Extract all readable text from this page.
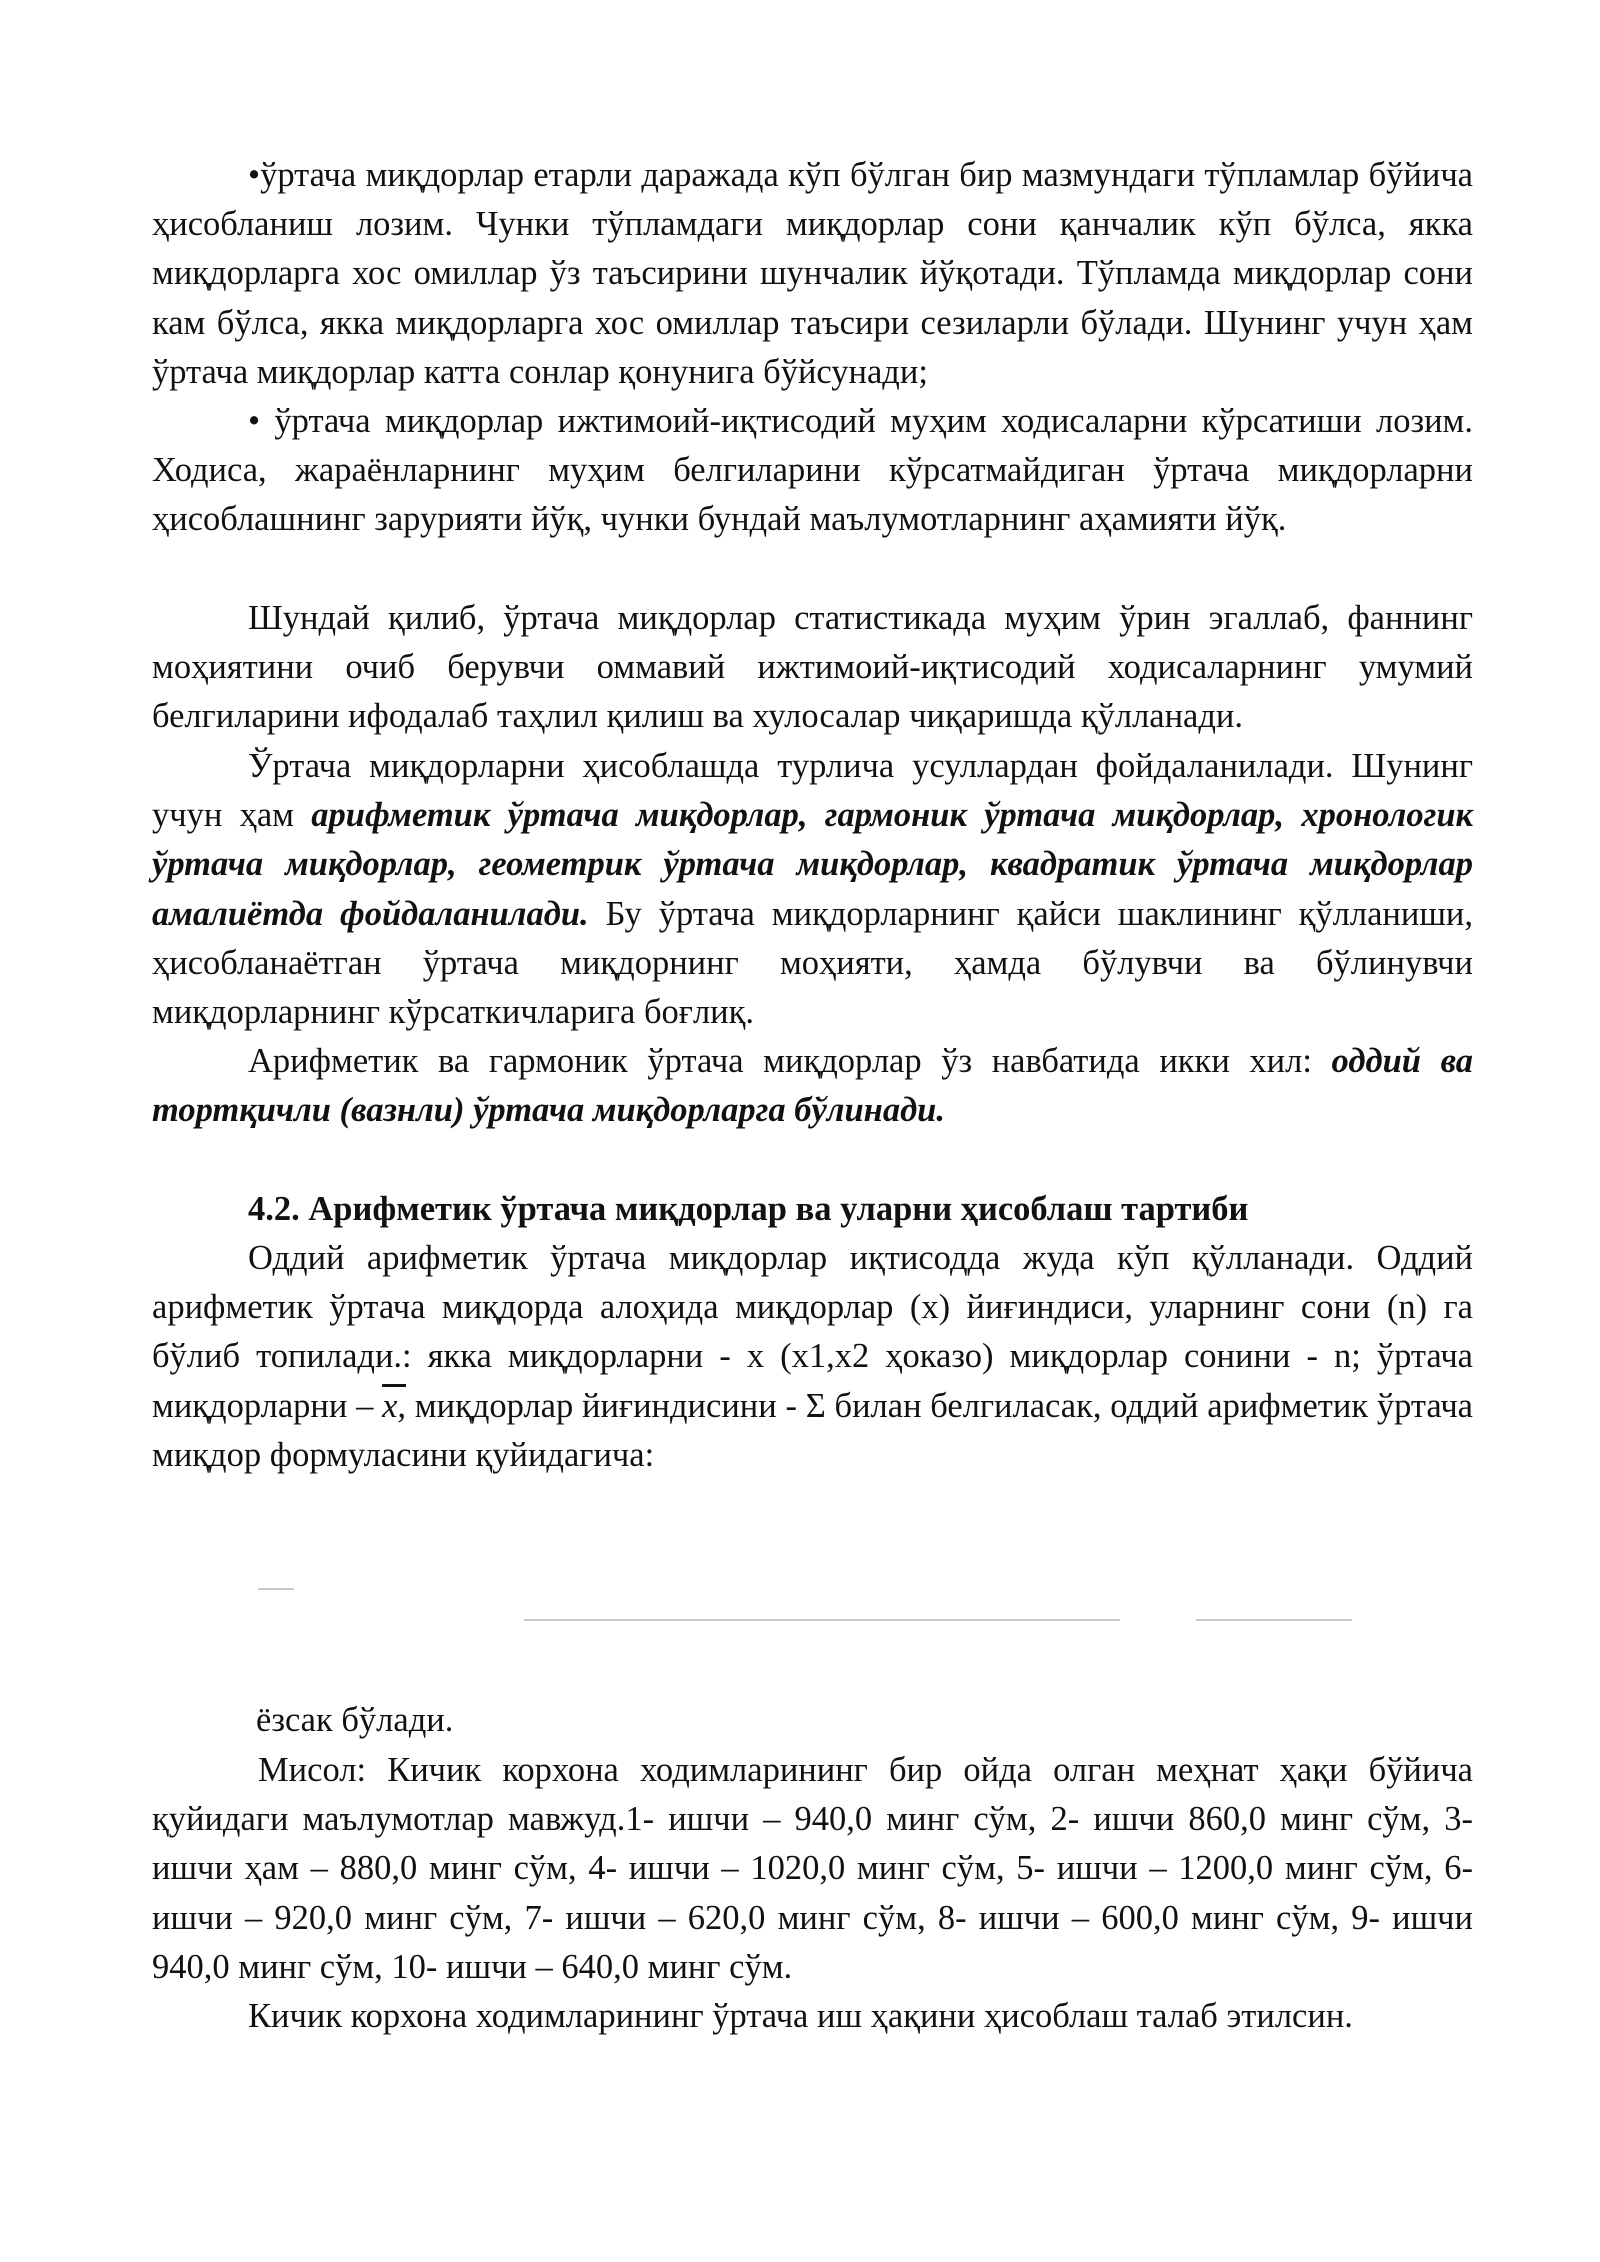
•ўртача миқдорлар етарли даражада кўп бўлган бир мазмундаги тўпламлар бўйича ҳисобланиш лозим. Чунки тўпламдаги миқдорлар сони қанчалик кўп бўлса, якка миқдорларга хос омиллар ўз таъсирини шунчалик йўқотади. Тўпламда миқдорлар сони кам бўлса, якка миқдорларга хос омиллар таъсири сезиларли бўлади. Шунинг учун ҳам ўртача миқдорлар катта сонлар қонунига бўйсунади;

• ўртача миқдорлар ижтимоий-иқтисодий муҳим ходисаларни кўрсатиши лозим. Ходиса, жараёнларнинг муҳим белгиларини кўрсатмайдиган ўртача миқдорларни ҳисоблашнинг зарурияти йўқ, чунки бундай маълумотларнинг аҳамияти йўқ.

Шундай қилиб, ўртача миқдорлар статистикада муҳим ўрин эгаллаб, фаннинг моҳиятини очиб берувчи оммавий ижтимоий-иқтисодий ходисаларнинг умумий белгиларини ифодалаб таҳлил қилиш ва хулосалар чиқаришда қўлланади.

Ўртача миқдорларни ҳисоблашда турлича усуллардан фойдаланилади. Шунинг учун ҳам арифметик ўртача миқдорлар, гармоник ўртача миқдорлар, хронологик ўртача миқдорлар, геометрик ўртача миқдорлар, квадратик ўртача миқдорлар амалиётда фойдаланилади. Бу ўртача миқдорларнинг қайси шаклининг қўлланиши, ҳисобланаётган ўртача миқдорнинг моҳияти, ҳамда бўлувчи ва бўлинувчи миқдорларнинг кўрсаткичларига боғлиқ.

Арифметик ва гармоник ўртача миқдорлар ўз навбатида икки хил: оддий ва тортқичли (вазнли) ўртача миқдорларга бўлинади.

4.2. Арифметик ўртача миқдорлар ва уларни ҳисоблаш тартиби

Оддий арифметик ўртача миқдорлар иқтисодда жуда кўп қўлланади. Оддий арифметик ўртача миқдорда алоҳида миқдорлар (х) йиғиндиси, уларнинг сони (n) га бўлиб топилади.: якка миқдорларни - х (х1,х2 ҳоказо) миқдорлар сонини - n; ўртача миқдорларни – х, миқдорлар йиғиндисини - Σ билан белгиласак, оддий арифметик ўртача миқдор формуласини қуйидагича:

ёзсак бўлади.

Мисол: Кичик корхона ходимларининг бир ойда олган меҳнат ҳақи бўйича қуйидаги маълумотлар мавжуд.1- ишчи – 940,0 минг сўм, 2- ишчи 860,0 минг сўм, 3- ишчи ҳам – 880,0 минг сўм, 4- ишчи – 1020,0 минг сўм, 5- ишчи – 1200,0 минг сўм, 6- ишчи – 920,0 минг сўм, 7- ишчи – 620,0 минг сўм, 8- ишчи – 600,0 минг сўм, 9- ишчи 940,0 минг сўм, 10- ишчи – 640,0 минг сўм.

Кичик корхона ходимларининг ўртача иш ҳақини ҳисоблаш талаб этилсин.
